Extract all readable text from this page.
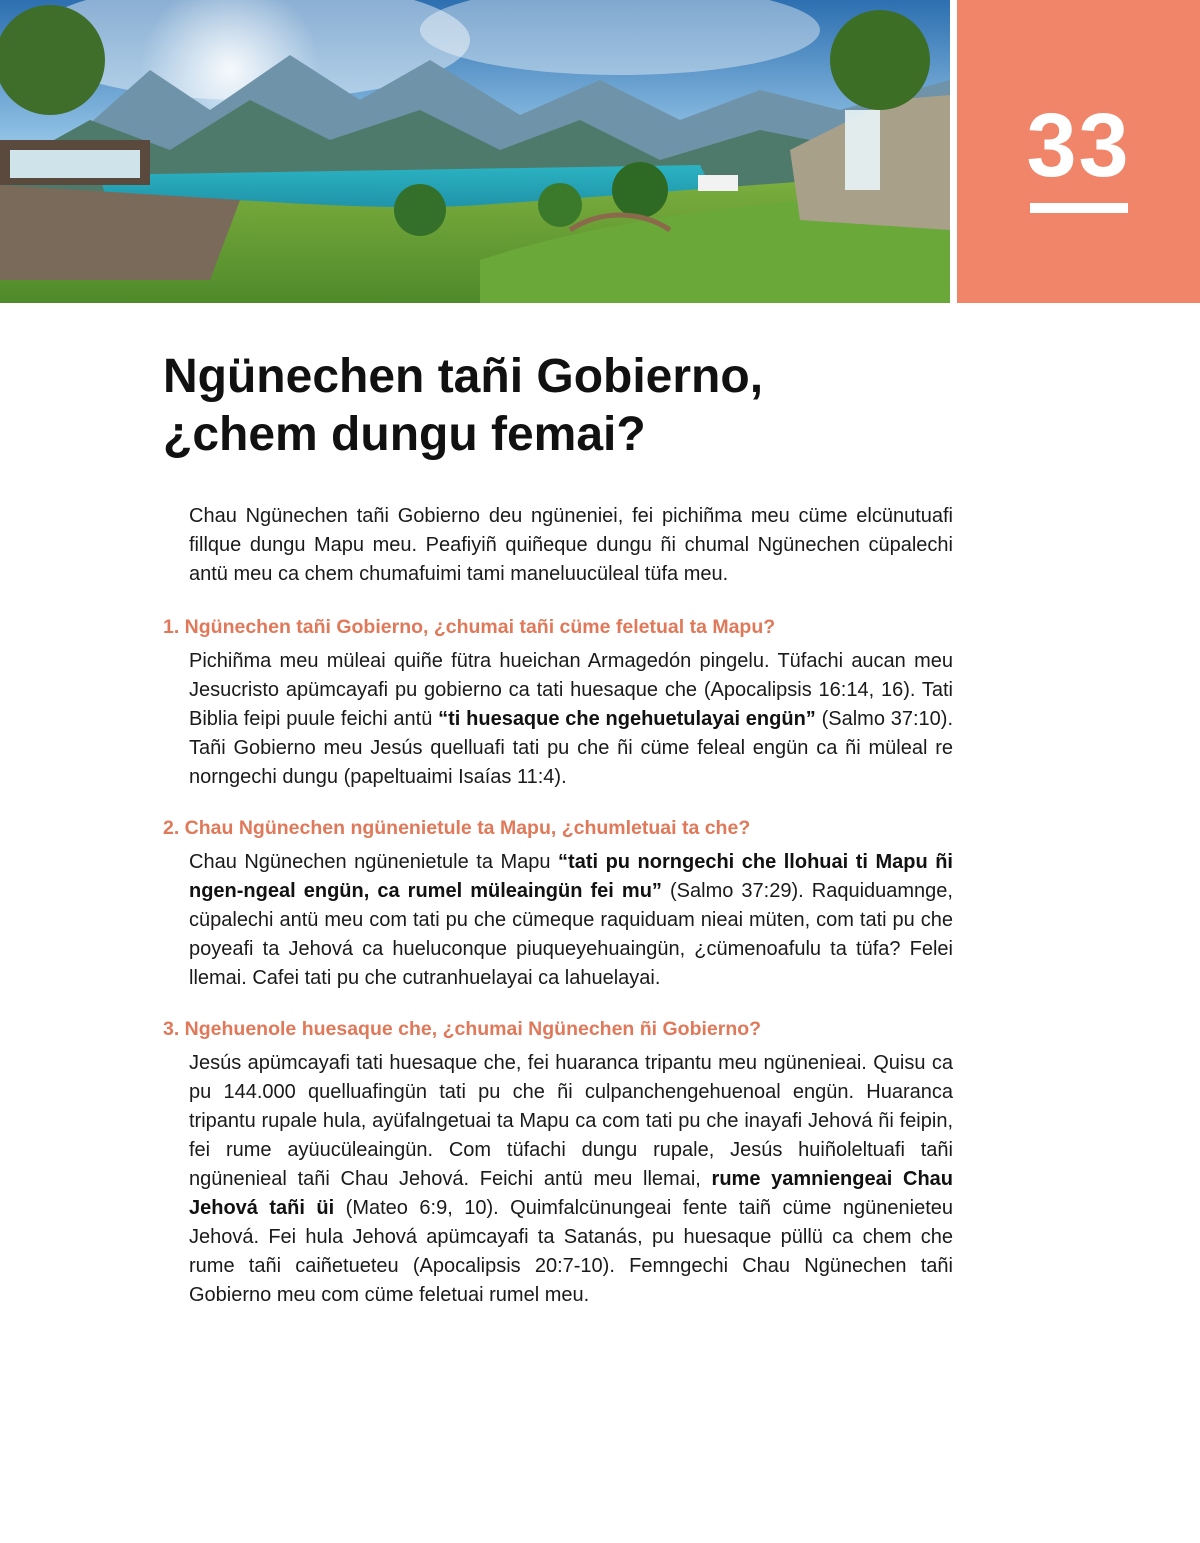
33
Ngünechen tañi Gobierno,
¿chem dungu femai?

Chau Ngünechen tañi Gobierno deu ngüneniei, fei pichiñma meu cüme elcünutuafi fillque dungu Mapu meu. Peafiyiñ quiñeque dungu ñi chumal Ngünechen cüpalechi antü meu ca chem chumafuimi tami maneluucüleal tüfa meu.

1. Ngünechen tañi Gobierno, ¿chumai tañi cüme feletual ta Mapu?

Pichiñma meu müleai quiñe fütra hueichan Armagedón pingelu. Tüfachi aucan meu Jesucristo apümcayafi pu gobierno ca tati huesaque che (Apocalipsis 16:14, 16). Tati Biblia feipi puule feichi antü “ti huesaque che ngehuetulayai engün” (Salmo 37:10). Tañi Gobierno meu Jesús quelluafi tati pu che ñi cüme feleal engün ca ñi müleal re norngechi dungu (papeltuaimi Isaías 11:4).

2. Chau Ngünechen ngünenietule ta Mapu, ¿chumletuai ta che?

Chau Ngünechen ngünenietule ta Mapu “tati pu norngechi che llohuai ti Mapu ñi ngen-ngeal engün, ca rumel müleaingün fei mu” (Salmo 37:29). Raquiduamnge, cüpalechi antü meu com tati pu che cümeque raquiduam nieai müten, com tati pu che poyeafi ta Jehová ca hueluconque piuqueyehuaingün, ¿cümenoafulu ta tüfa? Felei llemai. Cafei tati pu che cutranhuelayai ca lahuelayai.

3. Ngehuenole huesaque che, ¿chumai Ngünechen ñi Gobierno?

Jesús apümcayafi tati huesaque che, fei huaranca tripantu meu ngünenieai. Quisu ca pu 144.000 quelluafingün tati pu che ñi culpanchengehuenoal engün. Huaranca tripantu rupale hula, ayüfalngetuai ta Mapu ca com tati pu che inayafi Jehová ñi feipin, fei rume ayüucüleaingün. Com tüfachi dungu rupale, Jesús huiñoleltuafi tañi ngünenieal tañi Chau Jehová. Feichi antü meu llemai, rume yamniengeai Chau Jehová tañi üi (Mateo 6:9, 10). Quimfalcünungeai fente taiñ cüme ngünenieteu Jehová. Fei hula Jehová apümcayafi ta Satanás, pu huesaque püllü ca chem che rume tañi caiñetueteu (Apocalipsis 20:7-10). Femngechi Chau Ngünechen tañi Gobierno meu com cüme feletuai rumel meu.
